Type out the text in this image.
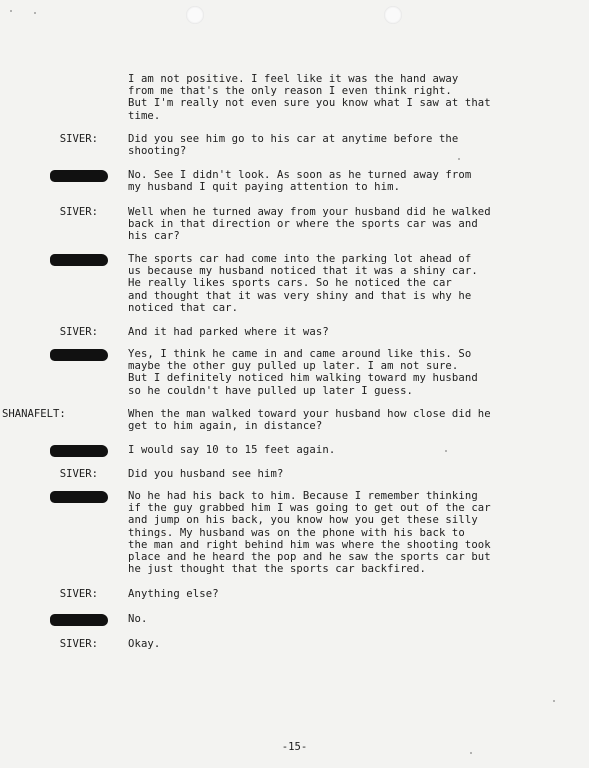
I am not positive. I feel like it was the hand away
from me that's the only reason I even think right.
But I'm really not even sure you know what I saw at that
time.
SIVER:	Did you see him go to his car at anytime before the
shooting?
No. See I didn't look. As soon as he turned away from
my husband I quit paying attention to him.
SIVER:	Well when he turned away from your husband did he walked
back in that direction or where the sports car was and
his car?
The sports car had come into the parking lot ahead of
us because my husband noticed that it was a shiny car.
He really likes sports cars. So he noticed the car
and thought that it was very shiny and that is why he
noticed that car.
SIVER:	And it had parked where it was?
Yes, I think he came in and came around like this. So
maybe the other guy pulled up later. I am not sure.
But I definitely noticed him walking toward my husband
so he couldn't have pulled up later I guess.
SHANAFELT:	When the man walked toward your husband how close did he
get to him again, in distance?
I would say 10 to 15 feet again.
SIVER:	Did you husband see him?
No he had his back to him. Because I remember thinking
if the guy grabbed him I was going to get out of the car
and jump on his back, you know how you get these silly
things. My husband was on the phone with his back to
the man and right behind him was where the shooting took
place and he heard the pop and he saw the sports car but
he just thought that the sports car backfired.
SIVER:	Anything else?
No.
SIVER:	Okay.
-15-
